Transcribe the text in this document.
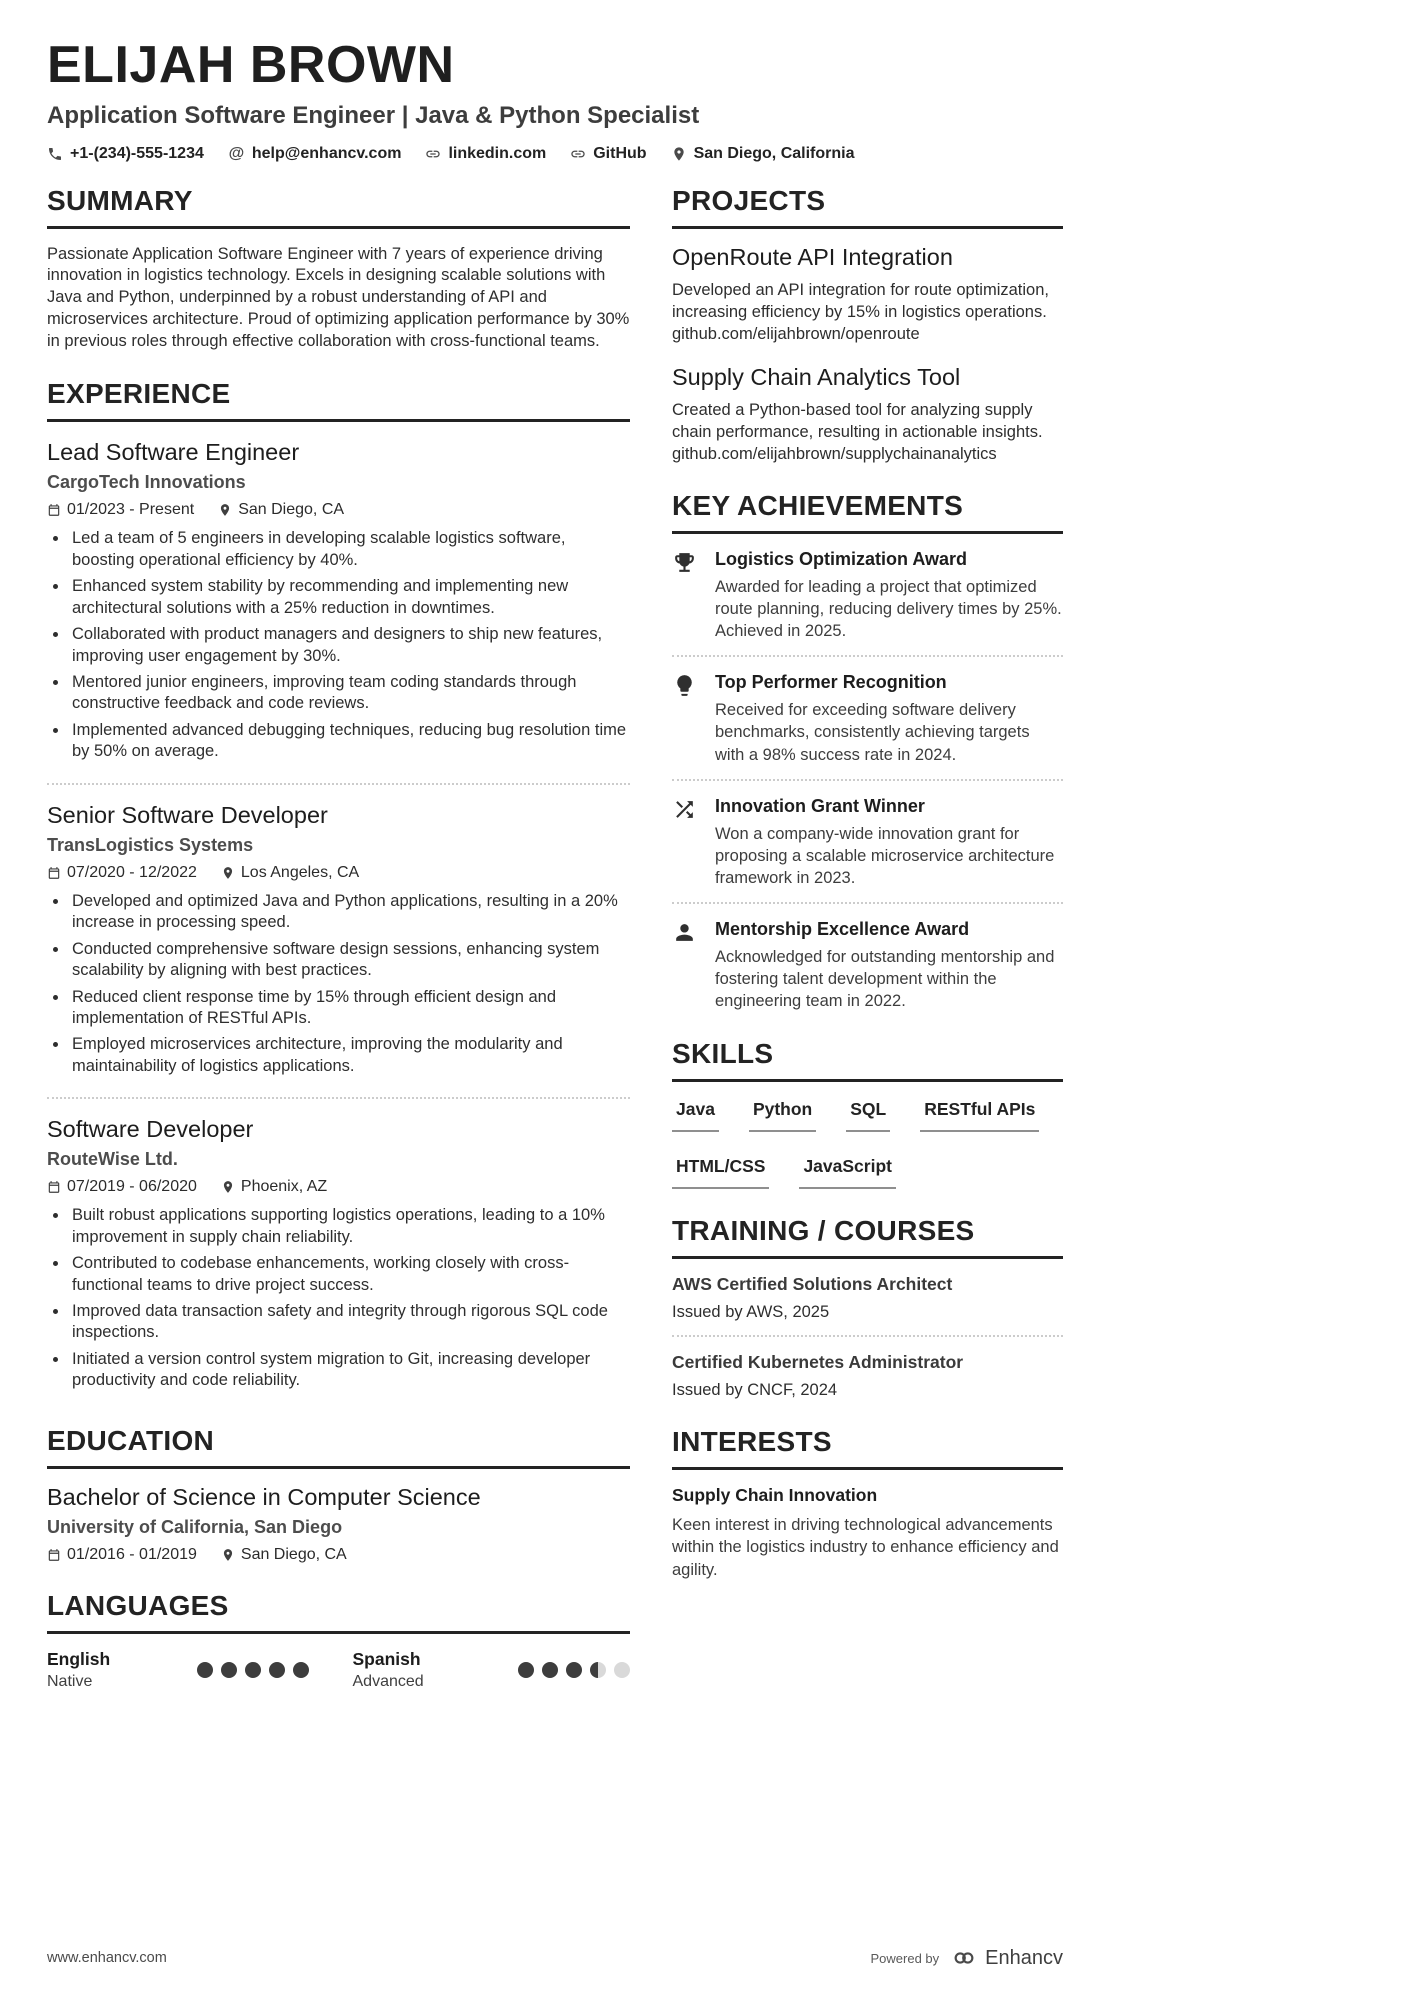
ELIJAH BROWN
Application Software Engineer | Java & Python Specialist
+1-(234)-555-1234 @ help@enhancv.com	linkedin.com	GitHub	San Diego, California
SUMMARY

Passionate Application Software Engineer with 7 years of experience driving innovation in logistics technology. Excels in designing scalable solutions with Java and Python, underpinned by a robust understanding of API and microservices architecture. Proud of optimizing application performance by 30% in previous roles through effective collaboration with cross-functional teams.

EXPERIENCE
Lead Software Engineer
CargoTech Innovations
01/2023 - Present	San Diego, CA
• Led a team of 5 engineers in developing scalable logistics software, boosting operational efficiency by 40%.
• Enhanced system stability by recommending and implementing new architectural solutions with a 25% reduction in downtimes.
• Collaborated with product managers and designers to ship new features, improving user engagement by 30%.
• Mentored junior engineers, improving team coding standards through constructive feedback and code reviews.
• Implemented advanced debugging techniques, reducing bug resolution time by 50% on average.
Senior Software Developer
TransLogistics Systems
07/2020 - 12/2022	Los Angeles, CA
• Developed and optimized Java and Python applications, resulting in a 20% increase in processing speed.
• Conducted comprehensive software design sessions, enhancing system scalability by aligning with best practices.
• Reduced client response time by 15% through efficient design and implementation of RESTful APIs.
• Employed microservices architecture, improving the modularity and maintainability of logistics applications.
Software Developer
RouteWise Ltd.
07/2019 - 06/2020	Phoenix, AZ
• Built robust applications supporting logistics operations, leading to a 10% improvement in supply chain reliability.
• Contributed to codebase enhancements, working closely with cross-functional teams to drive project success.
• Improved data transaction safety and integrity through rigorous SQL code inspections.
• Initiated a version control system migration to Git, increasing developer productivity and code reliability.
EDUCATION
Bachelor of Science in Computer Science
University of California, San Diego
01/2016 - 01/2019	San Diego, CA
LANGUAGES
English
Native
Spanish
Advanced
PROJECTS
OpenRoute API Integration

Developed an API integration for route optimization, increasing efficiency by 15% in logistics operations.

github.com/elijahbrown/openroute
Supply Chain Analytics Tool

Created a Python-based tool for analyzing supply chain performance, resulting in actionable insights.

github.com/elijahbrown/supplychainanalytics
KEY ACHIEVEMENTS
Logistics Optimization Award

Awarded for leading a project that optimized route planning, reducing delivery times by 25%. Achieved in 2025.

Top Performer Recognition

Received for exceeding software delivery benchmarks, consistently achieving targets with a 98% success rate in 2024.

Innovation Grant Winner

Won a company-wide innovation grant for proposing a scalable microservice architecture framework in 2023.

Mentorship Excellence Award

Acknowledged for outstanding mentorship and fostering talent development within the engineering team in 2022.

SKILLS
Java Python SQL RESTful APIs
HTML/CSS JavaScript
TRAINING / COURSES
AWS Certified Solutions Architect
Issued by AWS, 2025
Certified Kubernetes Administrator
Issued by CNCF, 2024
INTERESTS
Supply Chain Innovation

Keen interest in driving technological advancements within the logistics industry to enhance efficiency and agility.

www.enhancv.com	Powered by Enhancv
